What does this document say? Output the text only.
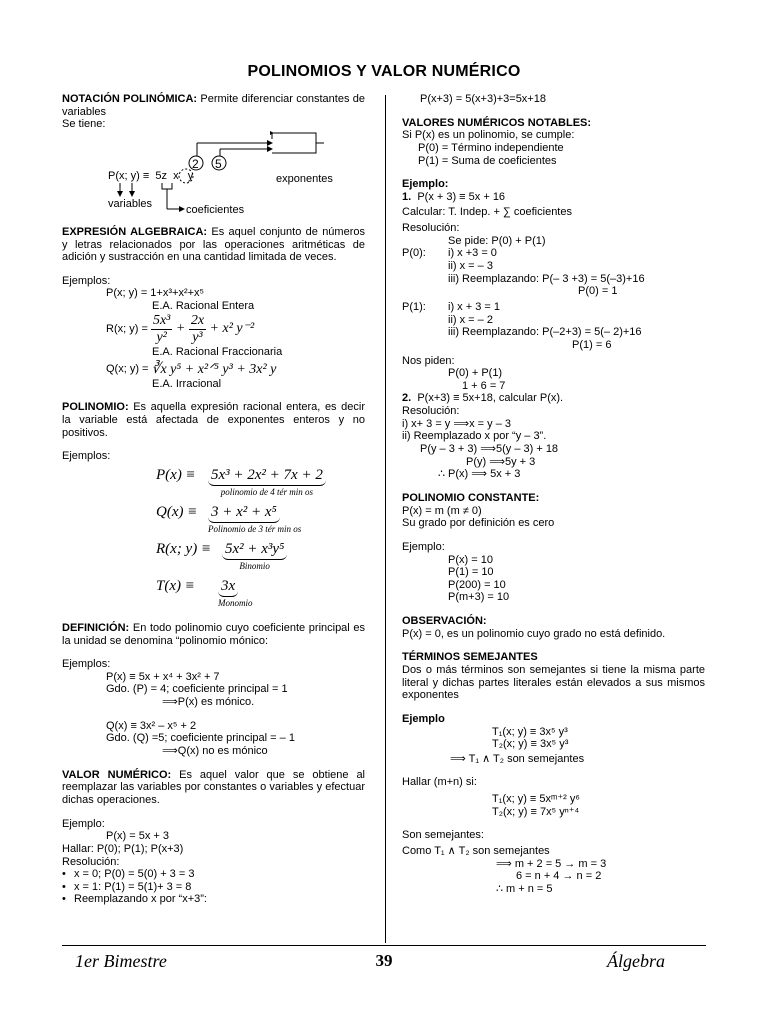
POLINOMIOS Y VALOR NUMÉRICO

NOTACIÓN POLINÓMICA: Permite diferenciar constantes de variables

Se tiene:

2 5
exponentes
P(x; y) ≡  5z  x   y
variables	coeficientes

EXPRESIÓN ALGEBRAICA: Es aquel conjunto de números y letras relacionados por las operaciones aritméticas de adición y sustracción en una cantidad limitada de veces.

Ejemplos:

P(x; y) = 1+x³+x²+x⁵

E.A. Racional Entera

R(x; y) =
$\frac{\text{5x³}}{\text{y²}} + \frac{2x}{\text{y³}} + x^2$ y⁻²

E.A. Racional Fraccionaria

Q(x; y) =
∛x y⁵ + x²ᐟ⁵ y³ + 3x² y

E.A. Irracional

POLINOMIO: Es aquella expresión racional entera, es decir la variable está afectada de exponentes enteros y no positivos.

Ejemplos:

P(x) ≡	5x³ + 2x² + 7x + 2
polinomio de 4 tér min os
Q(x) ≡ 3 + x² + x⁵
Polinomio de 3 tér min os
R(x; y) ≡ 5x² + x³y⁵
Binomio
T(x) ≡	3x
Monomio

DEFINICIÓN: En todo polinomio cuyo coeficiente principal es la unidad se denomina “polinomio mónico:

Ejemplos:

P(x) ≡ 5x + x⁴ + 3x² + 7

Gdo. (P) = 4; coeficiente principal = 1

⟹P(x) es mónico.

Q(x) ≡ 3x² – x⁵ + 2

Gdo. (Q) =5; coeficiente principal = – 1

⟹Q(x) no es mónico

VALOR NUMÉRICO: Es aquel valor que se obtiene al reemplazar las variables por constantes o variables y efectuar dichas operaciones.

Ejemplo:

P(x) = 5x + 3

Hallar: P(0); P(1); P(x+3)

Resolución:

• x = 0; P(0) = 5(0) + 3 = 3
• x = 1: P(1) = 5(1)+ 3 = 8
• Reemplazando x por “x+3”:

P(x+3) = 5(x+3)+3=5x+18

VALORES NUMÉRICOS NOTABLES:

Si P(x) es un polinomio, se cumple:

P(0) = Término independiente

P(1) = Suma de coeficientes

Ejemplo:

1. P(x + 3) ≡ 5x + 16

Calcular: T. Indep. + ∑ coeficientes

Resolución:

Se pide: P(0) + P(1)

P(0):	i) x +3 = 0

ii) x = – 3

iii) Reemplazando: P(– 3 +3) = 5(–3)+16

P(0) = 1

P(1):	i) x + 3 = 1

ii) x = – 2

iii) Reemplazando: P(–2+3) = 5(– 2)+16

P(1) = 6

Nos piden:

P(0) + P(1)

1 + 6 = 7

2. P(x+3) ≡ 5x+18, calcular P(x).

Resolución:

i) x+ 3 = y ⟹x = y – 3

ii) Reemplazado x por “y – 3”.

P(y – 3 + 3) ⟹5(y – 3) + 18

P(y) ⟹5y + 3

∴ P(x) ⟹ 5x + 3

POLINOMIO CONSTANTE:

P(x) = m (m ≠ 0)

Su grado por definición es cero

Ejemplo:

P(x) = 10

P(1) = 10

P(200) = 10

P(m+3) = 10

OBSERVACIÓN:

P(x) = 0, es un polinomio cuyo grado no está definido.

TÉRMINOS SEMEJANTES

Dos o más términos son semejantes si tiene la misma parte literal y dichas partes literales están elevados a sus mismos exponentes

Ejemplo

T₁(x; y) ≡ 3x⁵ y³

T₂(x; y) ≡ 3x⁵ y³

⟹ T₁ ∧ T₂ son semejantes

Hallar (m+n) si:

T₁(x; y) ≡ 5xᵐ⁺² y⁶

T₂(x; y) ≡ 7x⁵ yⁿ⁺⁴

Son semejantes:

Como T₁ ∧ T₂ son semejantes

⟹ m + 2 = 5 → m = 3

6 = n + 4 → n = 2

∴ m + n = 5

1er Bimestre	39	Álgebra
